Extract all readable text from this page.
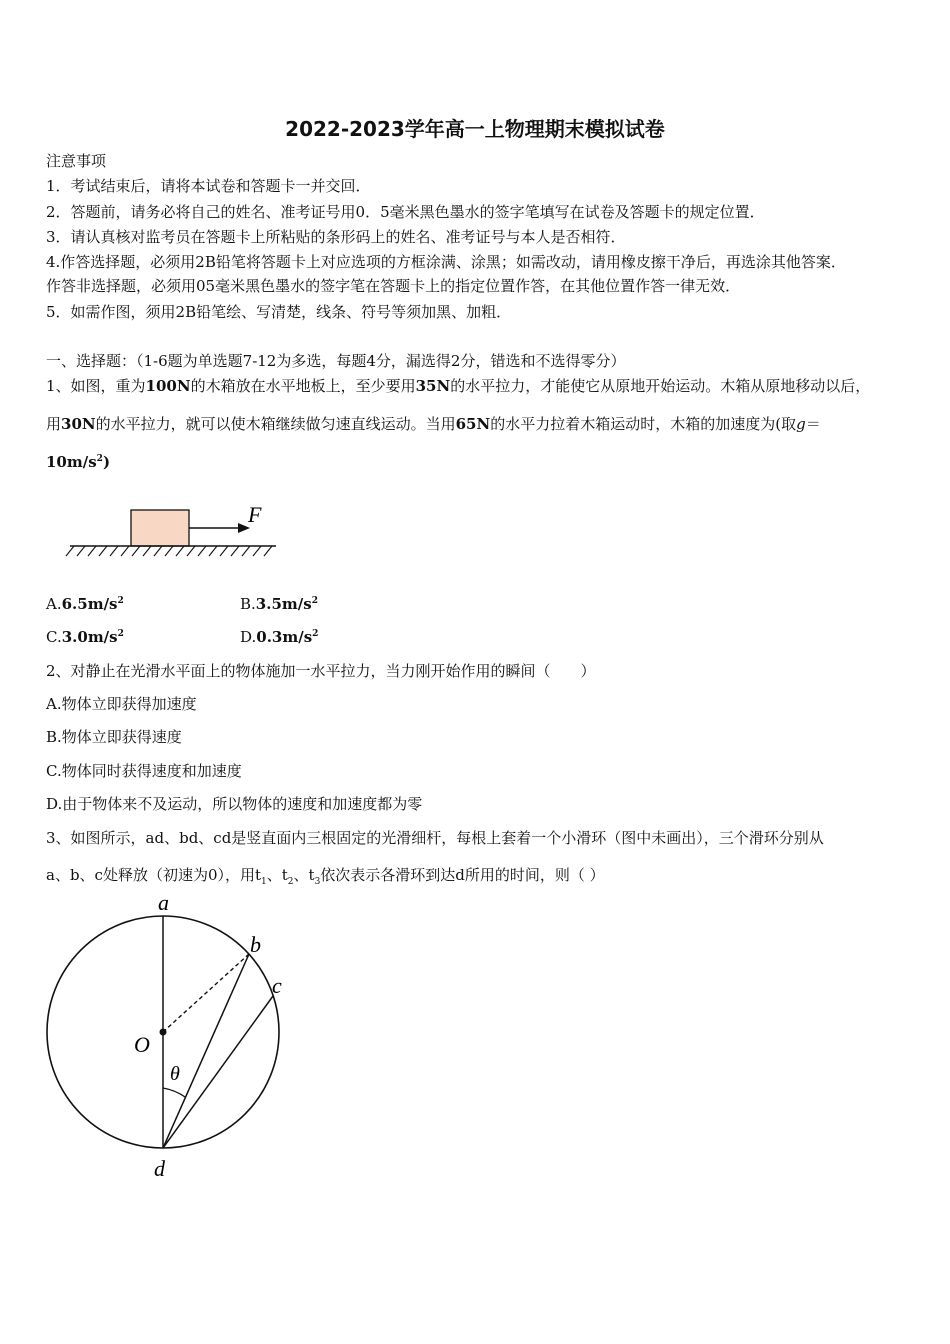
2022-2023学年高一上物理期末模拟试卷
注意事项
1．考试结束后，请将本试卷和答题卡一并交回．
2．答题前，请务必将自己的姓名、准考证号用0．5毫米黑色墨水的签字笔填写在试卷及答题卡的规定位置．
3．请认真核对监考员在答题卡上所粘贴的条形码上的姓名、准考证号与本人是否相符．
4.作答选择题，必须用2B铅笔将答题卡上对应选项的方框涂满、涂黑；如需改动，请用橡皮擦干净后，再选涂其他答案．
作答非选择题，必须用05毫米黑色墨水的签字笔在答题卡上的指定位置作答，在其他位置作答一律无效．
5．如需作图，须用2B铅笔绘、写清楚，线条、符号等须加黑、加粗．
一、选择题：（1-6题为单选题7-12为多选，每题4分，漏选得2分，错选和不选得零分）
1、如图，重为100N的木箱放在水平地板上，至少要用35N的水平拉力，才能使它从原地开始运动。木箱从原地移动以后，
用30N的水平拉力，就可以使木箱继续做匀速直线运动。当用65N的水平力拉着木箱运动时，木箱的加速度为(取g＝
$10m/s^2$)
F
$A.6.5m/s^2$	$B.3.5m/s^2$
$C.3.0m/s^2$	$D.0.3m/s^2$
2、对静止在光滑水平面上的物体施加一水平拉力，当力刚开始作用的瞬间（　　）
A.物体立即获得加速度
B.物体立即获得速度
C.物体同时获得速度和加速度
D.由于物体来不及运动，所以物体的速度和加速度都为零
3、如图所示，ad、bd、cd是竖直面内三根固定的光滑细杆，每根上套着一个小滑环（图中未画出），三个滑环分别从
a、b、c处释放（初速为0），用$t_1$、$t_2$、$t_3$依次表示各滑环到达d所用的时间，则（ ）
a
b
c
O
θ
d
